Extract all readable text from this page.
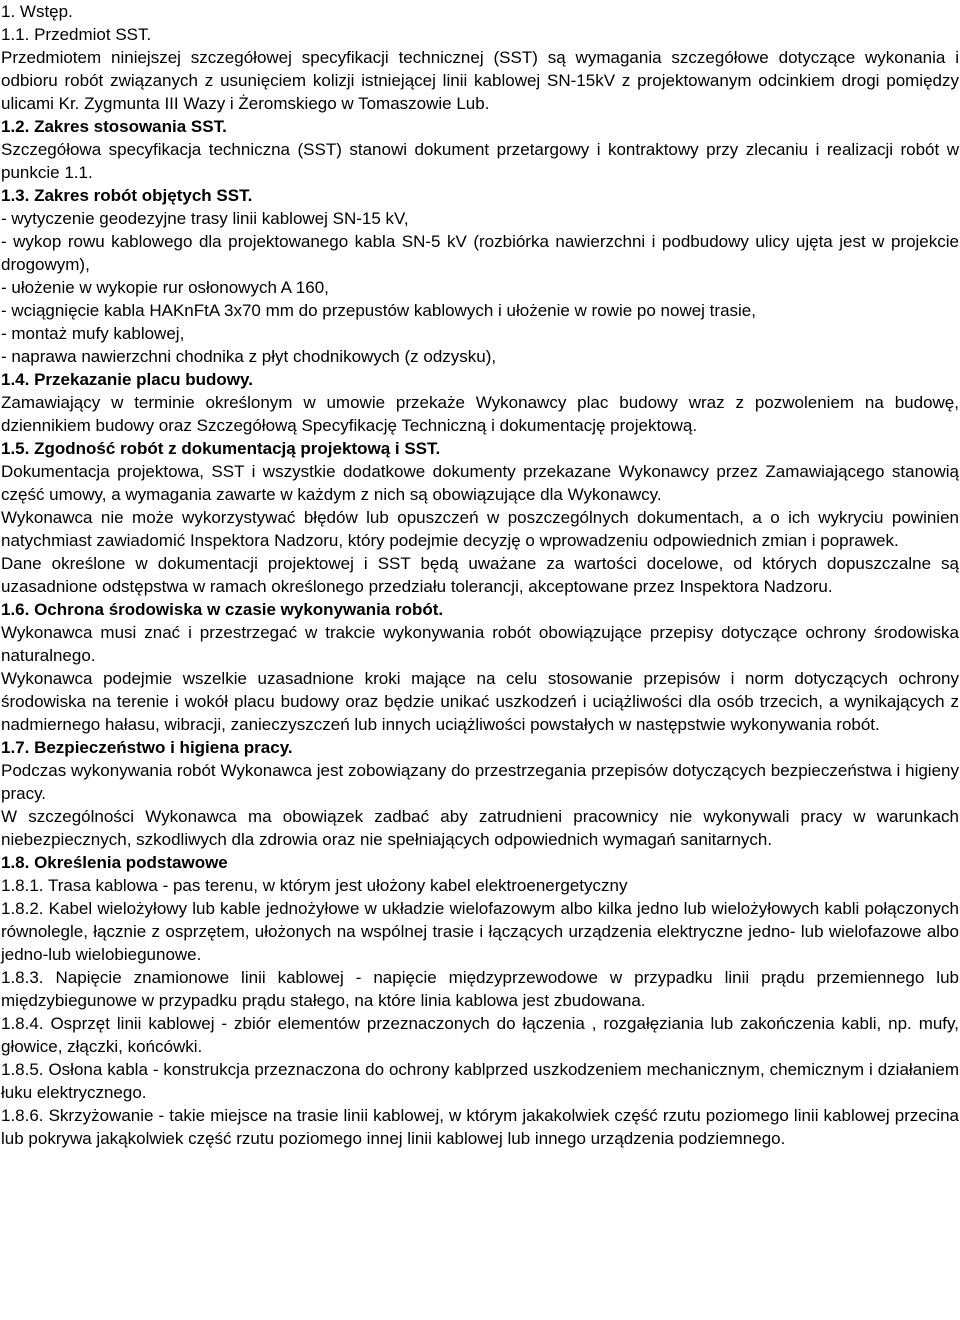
1. Wstęp.
1.1. Przedmiot SST.
Przedmiotem niniejszej szczegółowej specyfikacji technicznej (SST) są wymagania szczegółowe dotyczące wykonania i odbioru robót związanych z usunięciem kolizji istniejącej linii kablowej SN-15kV z projektowanym odcinkiem drogi pomiędzy ulicami Kr. Zygmunta III Wazy i Żeromskiego w Tomaszowie Lub.
1.2. Zakres stosowania SST.
Szczegółowa specyfikacja techniczna (SST) stanowi dokument przetargowy i kontraktowy przy zlecaniu i realizacji robót w punkcie 1.1.
1.3. Zakres robót objętych SST.
- wytyczenie geodezyjne trasy linii kablowej SN-15 kV,
- wykop rowu kablowego dla projektowanego kabla SN-5 kV (rozbiórka nawierzchni i podbudowy ulicy ujęta jest w projekcie drogowym),
- ułożenie w wykopie rur osłonowych A 160,
- wciągnięcie kabla HAKnFtA 3x70 mm do przepustów kablowych i ułożenie w rowie po nowej trasie,
- montaż mufy kablowej,
- naprawa nawierzchni chodnika z płyt chodnikowych (z odzysku),
1.4. Przekazanie placu budowy.
Zamawiający w terminie określonym w umowie przekaże Wykonawcy plac budowy wraz z pozwoleniem na budowę, dziennikiem budowy oraz Szczegółową Specyfikację Techniczną i dokumentację projektową.
1.5. Zgodność robót z dokumentacją projektową i SST.
Dokumentacja projektowa, SST i wszystkie dodatkowe dokumenty przekazane Wykonawcy przez Zamawiającego stanowią część umowy, a wymagania zawarte w każdym z nich są obowiązujące dla Wykonawcy.
Wykonawca nie może wykorzystywać błędów lub opuszczeń w poszczególnych dokumentach, a o ich wykryciu powinien natychmiast zawiadomić Inspektora Nadzoru, który podejmie decyzję o wprowadzeniu odpowiednich zmian i poprawek.
Dane określone w dokumentacji projektowej i SST będą uważane za wartości docelowe, od których dopuszczalne są uzasadnione odstępstwa w ramach określonego przedziału tolerancji, akceptowane przez Inspektora Nadzoru.
1.6. Ochrona środowiska w czasie wykonywania robót.
Wykonawca musi znać i przestrzegać w trakcie wykonywania robót obowiązujące przepisy dotyczące ochrony środowiska naturalnego.
Wykonawca podejmie wszelkie uzasadnione kroki mające na celu stosowanie przepisów i norm dotyczących ochrony środowiska na terenie i wokół placu budowy oraz będzie unikać uszkodzeń i uciążliwości dla osób trzecich, a wynikających z nadmiernego hałasu, wibracji, zanieczyszczeń lub innych uciążliwości powstałych w następstwie wykonywania robót.
1.7. Bezpieczeństwo i higiena pracy.
Podczas wykonywania robót Wykonawca jest zobowiązany do przestrzegania przepisów dotyczących bezpieczeństwa i higieny pracy.
W szczególności Wykonawca ma obowiązek zadbać aby zatrudnieni pracownicy nie wykonywali pracy w warunkach niebezpiecznych, szkodliwych dla zdrowia oraz nie spełniających odpowiednich wymagań sanitarnych.
1.8. Określenia podstawowe
1.8.1. Trasa kablowa - pas terenu, w którym jest ułożony kabel elektroenergetyczny
1.8.2. Kabel wielożyłowy lub kable jednożyłowe w układzie wielofazowym albo kilka jedno lub wielożyłowych kabli połączonych równolegle, łącznie z osprzętem, ułożonych na wspólnej trasie i łączących urządzenia elektryczne jedno- lub wielofazowe albo jedno-lub wielobiegunowe.
1.8.3. Napięcie znamionowe linii kablowej - napięcie międzyprzewodowe w przypadku linii prądu przemiennego lub międzybiegunowe w przypadku prądu stałego, na które linia kablowa jest zbudowana.
1.8.4. Osprzęt linii kablowej - zbiór elementów przeznaczonych do łączenia , rozgałęziania lub zakończenia kabli, np. mufy, głowice, złączki, końcówki.
1.8.5. Osłona kabla - konstrukcja przeznaczona do ochrony kablprzed uszkodzeniem mechanicznym, chemicznym i działaniem łuku elektrycznego.
1.8.6. Skrzyżowanie - takie miejsce na trasie linii kablowej, w którym jakakolwiek część rzutu poziomego linii kablowej przecina lub pokrywa jakąkolwiek część rzutu poziomego innej linii kablowej lub innego urządzenia podziemnego.
